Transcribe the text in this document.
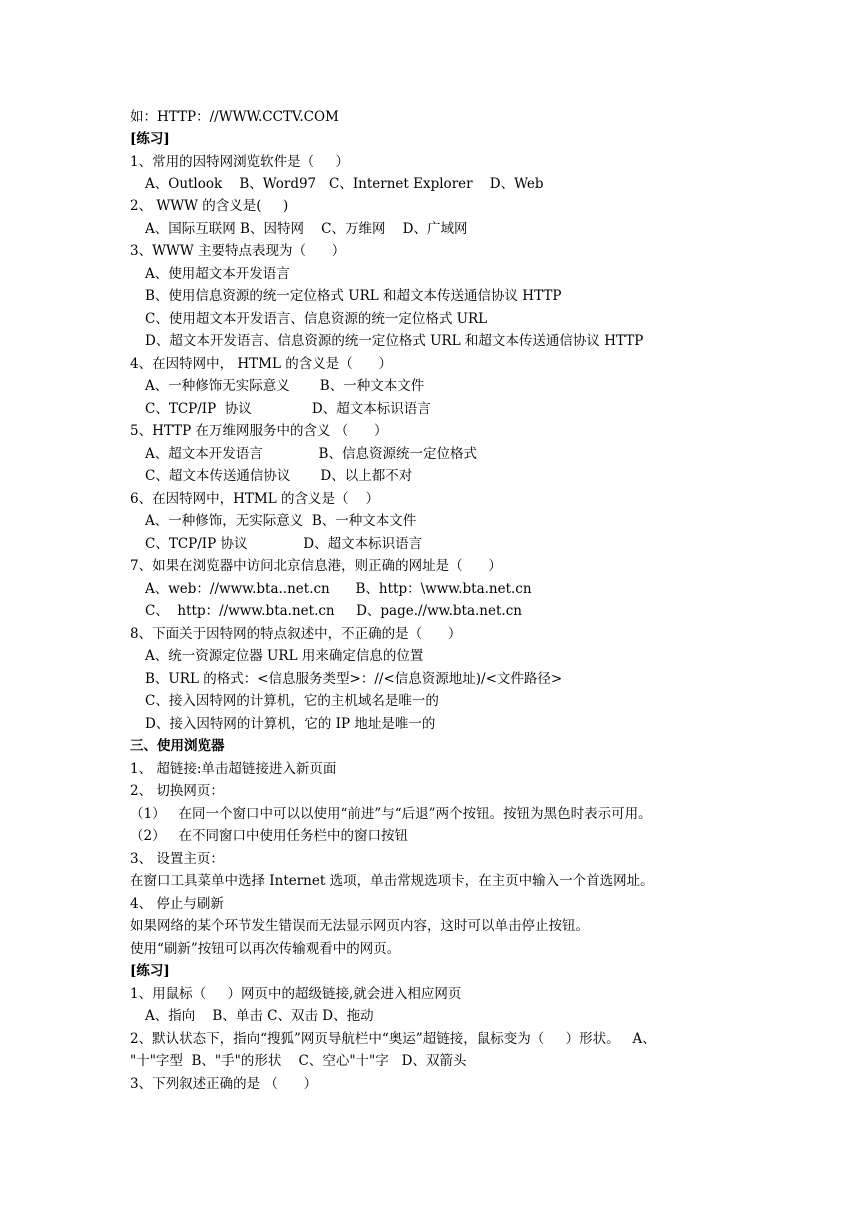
如：HTTP：//WWW.CCTV.COM
[练习]
1、常用的因特网浏览软件是（     ）
A、Outlook    B、Word97   C、Internet Explorer    D、Web
2、 WWW 的含义是(     )
A、国际互联网 B、因特网    C、万维网    D、广域网
3、WWW 主要特点表现为（      ）
A、使用超文本开发语言
B、使用信息资源的统一定位格式 URL 和超文本传送通信协议 HTTP
C、使用超文本开发语言、信息资源的统一定位格式 URL
D、超文本开发语言、信息资源的统一定位格式 URL 和超文本传送通信协议 HTTP
4、在因特网中， HTML 的含义是（      ）
A、一种修饰无实际意义       B、一种文本文件
C、TCP/IP  协议              D、超文本标识语言
5、HTTP 在万维网服务中的含义 （      ）
A、超文本开发语言             B、信息资源统一定位格式
C、超文本传送通信协议       D、以上都不对
6、在因特网中，HTML 的含义是（    ）
A、一种修饰，无实际意义  B、一种文本文件
C、TCP/IP 协议             D、超文本标识语言
7、如果在浏览器中访问北京信息港，则正确的网址是（      ）
A、web：//www.bta..net.cn      B、http：\www.bta.net.cn
C、  http：//www.bta.net.cn     D、page.//ww.bta.net.cn
8、下面关于因特网的特点叙述中，不正确的是（      ）
A、统一资源定位器 URL 用来确定信息的位置
B、URL 的格式：<信息服务类型>：//<信息资源地址)/<文件路径>
C、接入因特网的计算机，它的主机域名是唯一的
D、接入因特网的计算机，它的 IP 地址是唯一的
三、使用浏览器
1、 超链接:单击超链接进入新页面
2、 切换网页：
（1）   在同一个窗口中可以以使用“前进”与“后退”两个按钮。按钮为黑色时表示可用。
（2）   在不同窗口中使用任务栏中的窗口按钮
3、 设置主页：
在窗口工具菜单中选择 Internet 选项，单击常规选项卡，在主页中输入一个首选网址。
4、 停止与刷新
如果网络的某个环节发生错误而无法显示网页内容，这时可以单击停止按钮。
使用“刷新”按钮可以再次传输观看中的网页。
[练习]
1、用鼠标（     ）网页中的超级链接,就会进入相应网页
A、指向    B、单击 C、双击 D、拖动
2、默认状态下，指向“搜狐”网页导航栏中“奥运”超链接，鼠标变为（     ）形状。   A、
"十"字型  B、"手"的形状    C、空心"十"字   D、双箭头
3、下列叙述正确的是 （      ）
